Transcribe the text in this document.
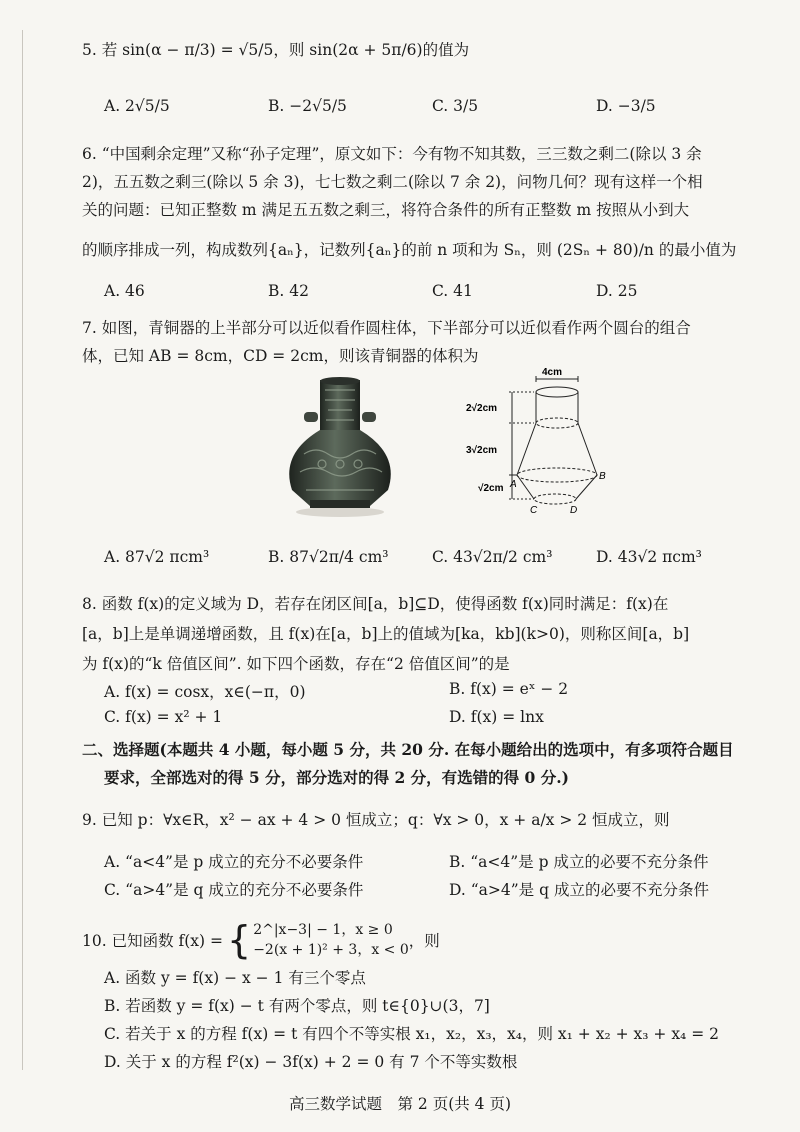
5. 若 sin(α − π/3) = √5/5，则 sin(2α + 5π/6)的值为
A. 2√5/5	B. −2√5/5	C. 3/5	D. −3/5
6. “中国剩余定理”又称“孙子定理”，原文如下：今有物不知其数，三三数之剩二(除以 3 余
2)，五五数之剩三(除以 5 余 3)，七七数之剩二(除以 7 余 2)，问物几何？现有这样一个相
关的问题：已知正整数 m 满足五五数之剩三，将符合条件的所有正整数 m 按照从小到大
的顺序排成一列，构成数列{aₙ}，记数列{aₙ}的前 n 项和为 Sₙ，则 (2Sₙ + 80)/n 的最小值为
A. 46	B. 42	C. 41	D. 25
7. 如图，青铜器的上半部分可以近似看作圆柱体，下半部分可以近似看作两个圆台的组合
体，已知 AB = 8cm，CD = 2cm，则该青铜器的体积为
4cm
2√2cm
3√2cm
√2cm A
B
C	D
A. 87√2 πcm³	B. 87√2π/4 cm³	C. 43√2π/2 cm³	D. 43√2 πcm³
8. 函数 f(x)的定义域为 D，若存在闭区间[a，b]⊆D，使得函数 f(x)同时满足：f(x)在
[a，b]上是单调递增函数，且 f(x)在[a，b]上的值域为[ka，kb](k>0)，则称区间[a，b]
为 f(x)的“k 倍值区间”. 如下四个函数，存在“2 倍值区间”的是
A. f(x) = cosx，x∈(−π，0)	B. f(x) = eˣ − 2
C. f(x) = x² + 1	D. f(x) = lnx
二、选择题(本题共 4 小题，每小题 5 分，共 20 分. 在每小题给出的选项中，有多项符合题目
要求，全部选对的得 5 分，部分选对的得 2 分，有选错的得 0 分.)
9. 已知 p：∀x∈R，x² − ax + 4 > 0 恒成立；q：∀x > 0，x + a/x > 2 恒成立，则
A. “a<4”是 p 成立的充分不必要条件	B. “a<4”是 p 成立的必要不充分条件
C. “a>4”是 q 成立的充分不必要条件	D. “a>4”是 q 成立的必要不充分条件
10. 已知函数 f(x) = { 2^|x−3| − 1，x ≥ 0
−2(x + 1)² + 3，x < 0 ，则
A. 函数 y = f(x) − x − 1 有三个零点
B. 若函数 y = f(x) − t 有两个零点，则 t∈{0}∪(3，7]
C. 若关于 x 的方程 f(x) = t 有四个不等实根 x₁，x₂，x₃，x₄，则 x₁ + x₂ + x₃ + x₄ = 2
D. 关于 x 的方程 f²(x) − 3f(x) + 2 = 0 有 7 个不等实数根
高三数学试题　第 2 页(共 4 页)
